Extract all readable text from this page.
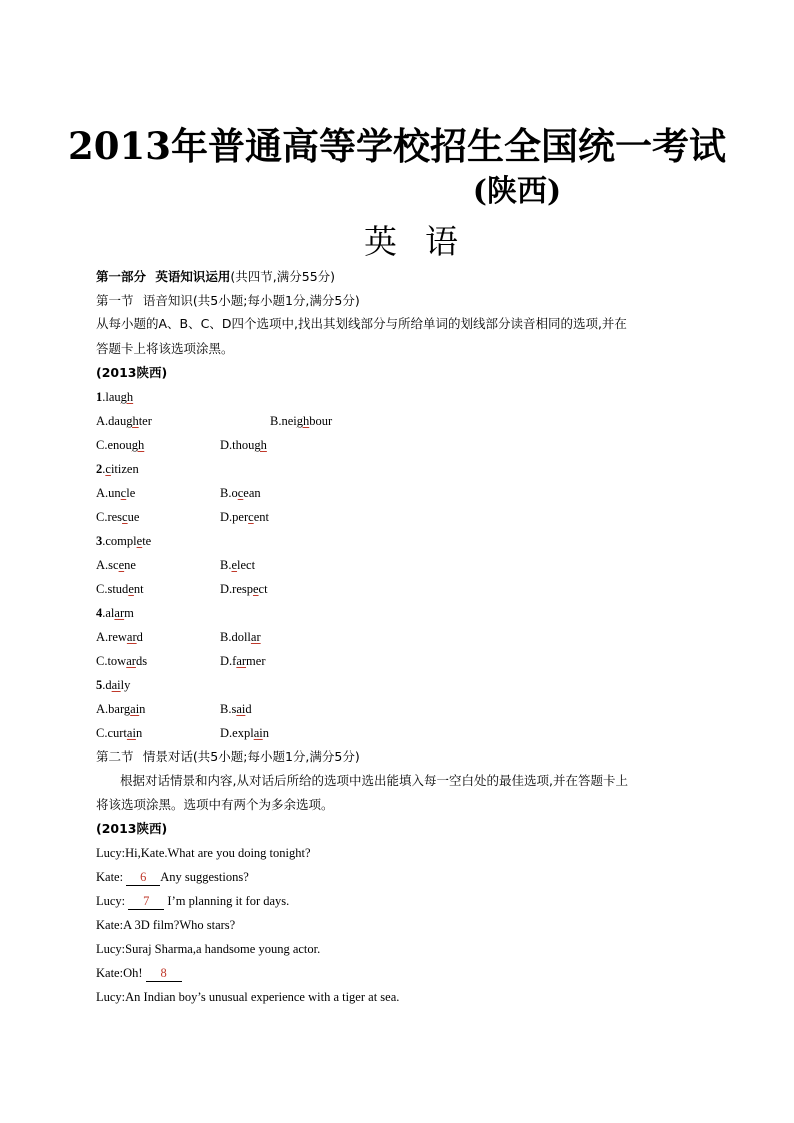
2013年普通高等学校招生全国统一考试
(陕西)
英语
第一部分 英语知识运用(共四节,满分55分)
第一节 语音知识(共5小题;每小题1分,满分5分)
从每小题的A、B、C、D四个选项中,找出其划线部分与所给单词的划线部分读音相同的选项,并在
答题卡上将该选项涂黑。
(2013陕西)
1.laugh
A.daughter	B.neighbour
C.enough	D.though
2.citizen
A.uncle	B.ocean
C.rescue	D.percent
3.complete
A.scene	B.elect
C.student	D.respect
4.alarm
A.reward	B.dollar
C.towards	D.farmer
5.daily
A.bargain	B.said
C.curtain	D.explain
第二节 情景对话(共5小题;每小题1分,满分5分)
根据对话情景和内容,从对话后所给的选项中选出能填入每一空白处的最佳选项,并在答题卡上
将该选项涂黑。选项中有两个为多余选项。
(2013陕西)
Lucy:Hi,Kate.What are you doing tonight?
Kate: 6 Any suggestions?
Lucy: 7 I’m planning it for days.
Kate:A 3D film?Who stars?
Lucy:Suraj Sharma,a handsome young actor.
Kate:Oh! 8
Lucy:An Indian boy’s unusual experience with a tiger at sea.
